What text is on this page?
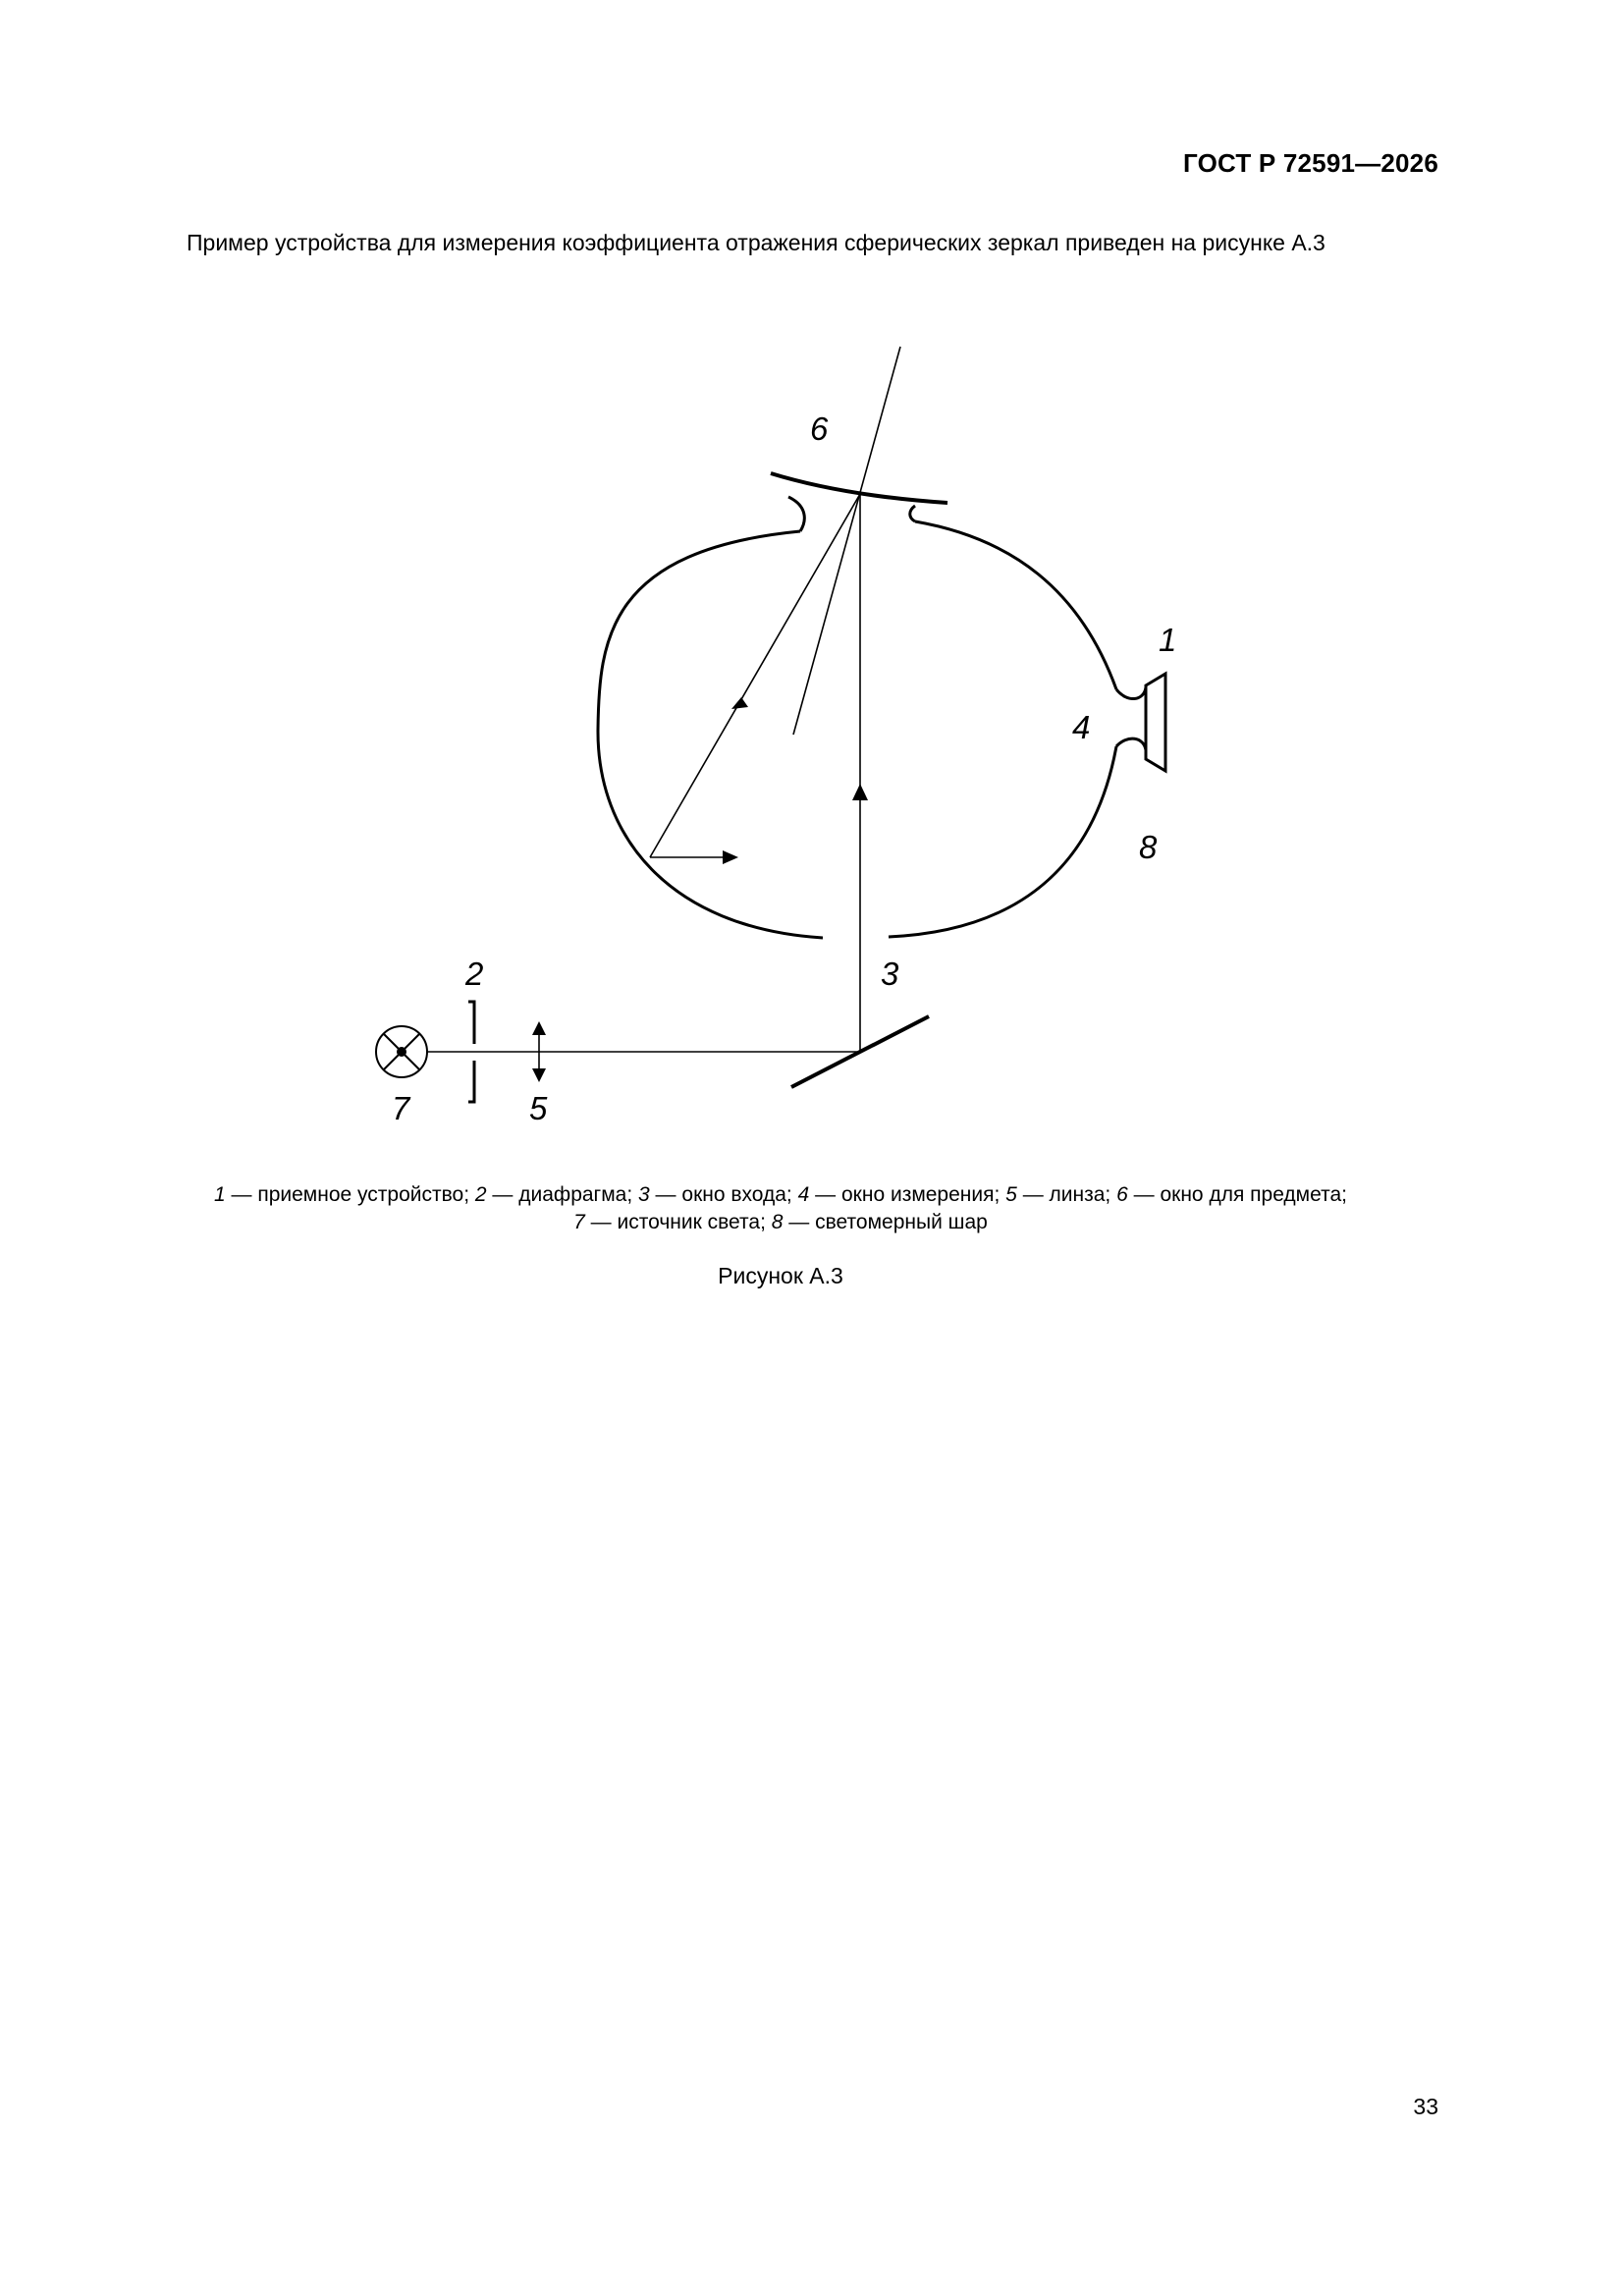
ГОСТ Р 72591—2026
Пример устройства для измерения коэффициента отражения сферических зеркал приведен на рисунке А.3
1
2	3
4
5
6
7
8
1 — приемное устройство; 2 — диафрагма; 3 — окно входа; 4 — окно измерения; 5 — линза; 6 — окно для предмета;
7 — источник света; 8 — светомерный шар
Рисунок А.3
33
